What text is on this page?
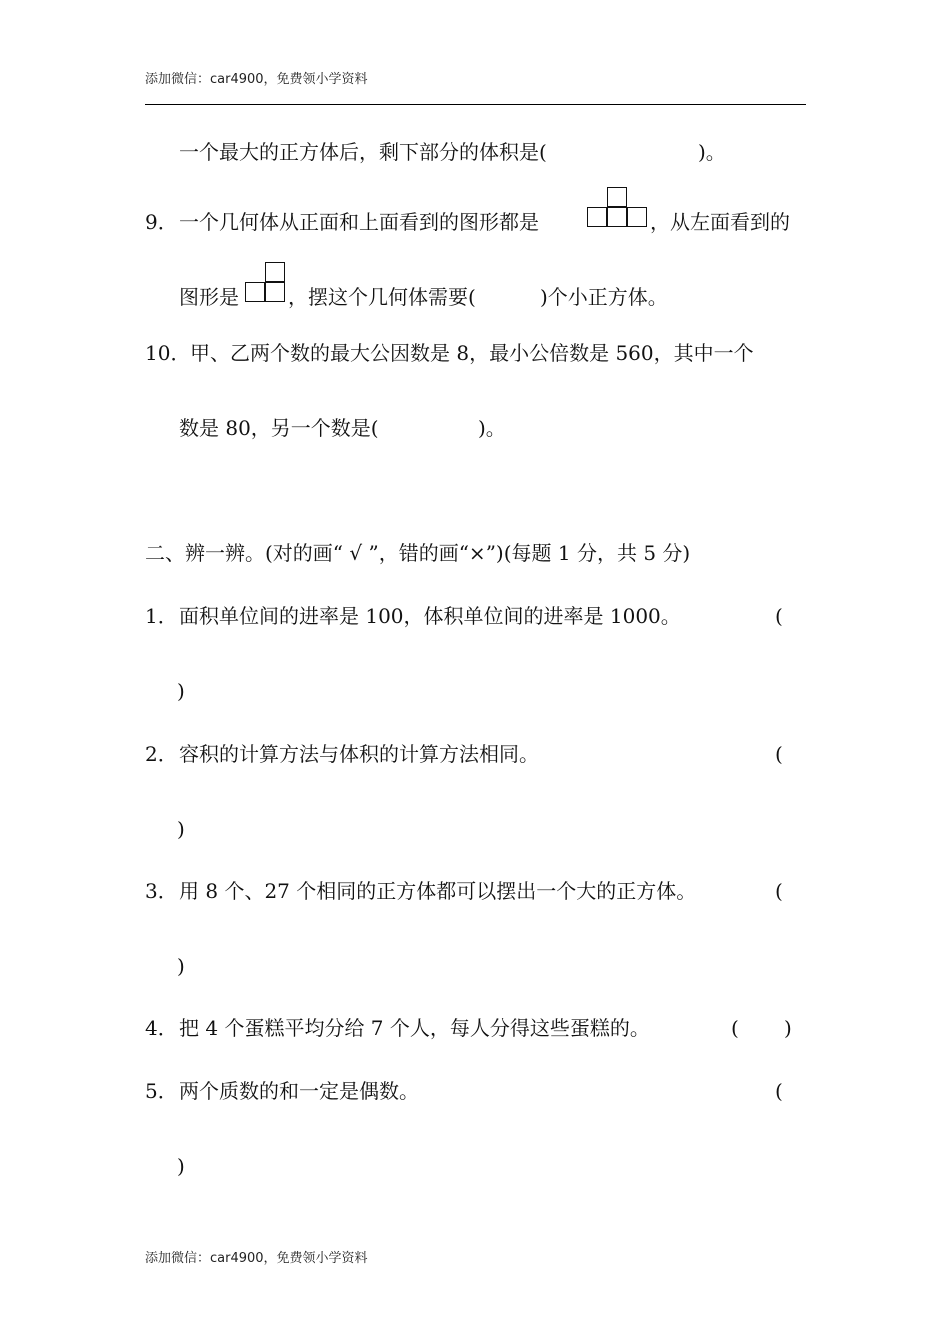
添加微信：car4900，免费领小学资料
一个最大的正方体后，剩下部分的体积是(	)。
9． 一个几何体从正面和上面看到的图形都是	，从左面看到的
图形是 ，摆这个几何体需要(	)个小正方体。
10． 甲、乙两个数的最大公因数是 8，最小公倍数是 560，其中一个
数是 80，另一个数是(	)。
二、辨一辨。(对的画“ √ ”，错的画“×”)(每题 1 分，共 5 分)
1． 面积单位间的进率是 100，体积单位间的进率是 1000。	(
)
2． 容积的计算方法与体积的计算方法相同。	(
)
3． 用 8 个、27 个相同的正方体都可以摆出一个大的正方体。	(
)
4． 把 4 个蛋糕平均分给 7 个人，每人分得这些蛋糕的。	( )
5． 两个质数的和一定是偶数。	(
)
添加微信：car4900，免费领小学资料
